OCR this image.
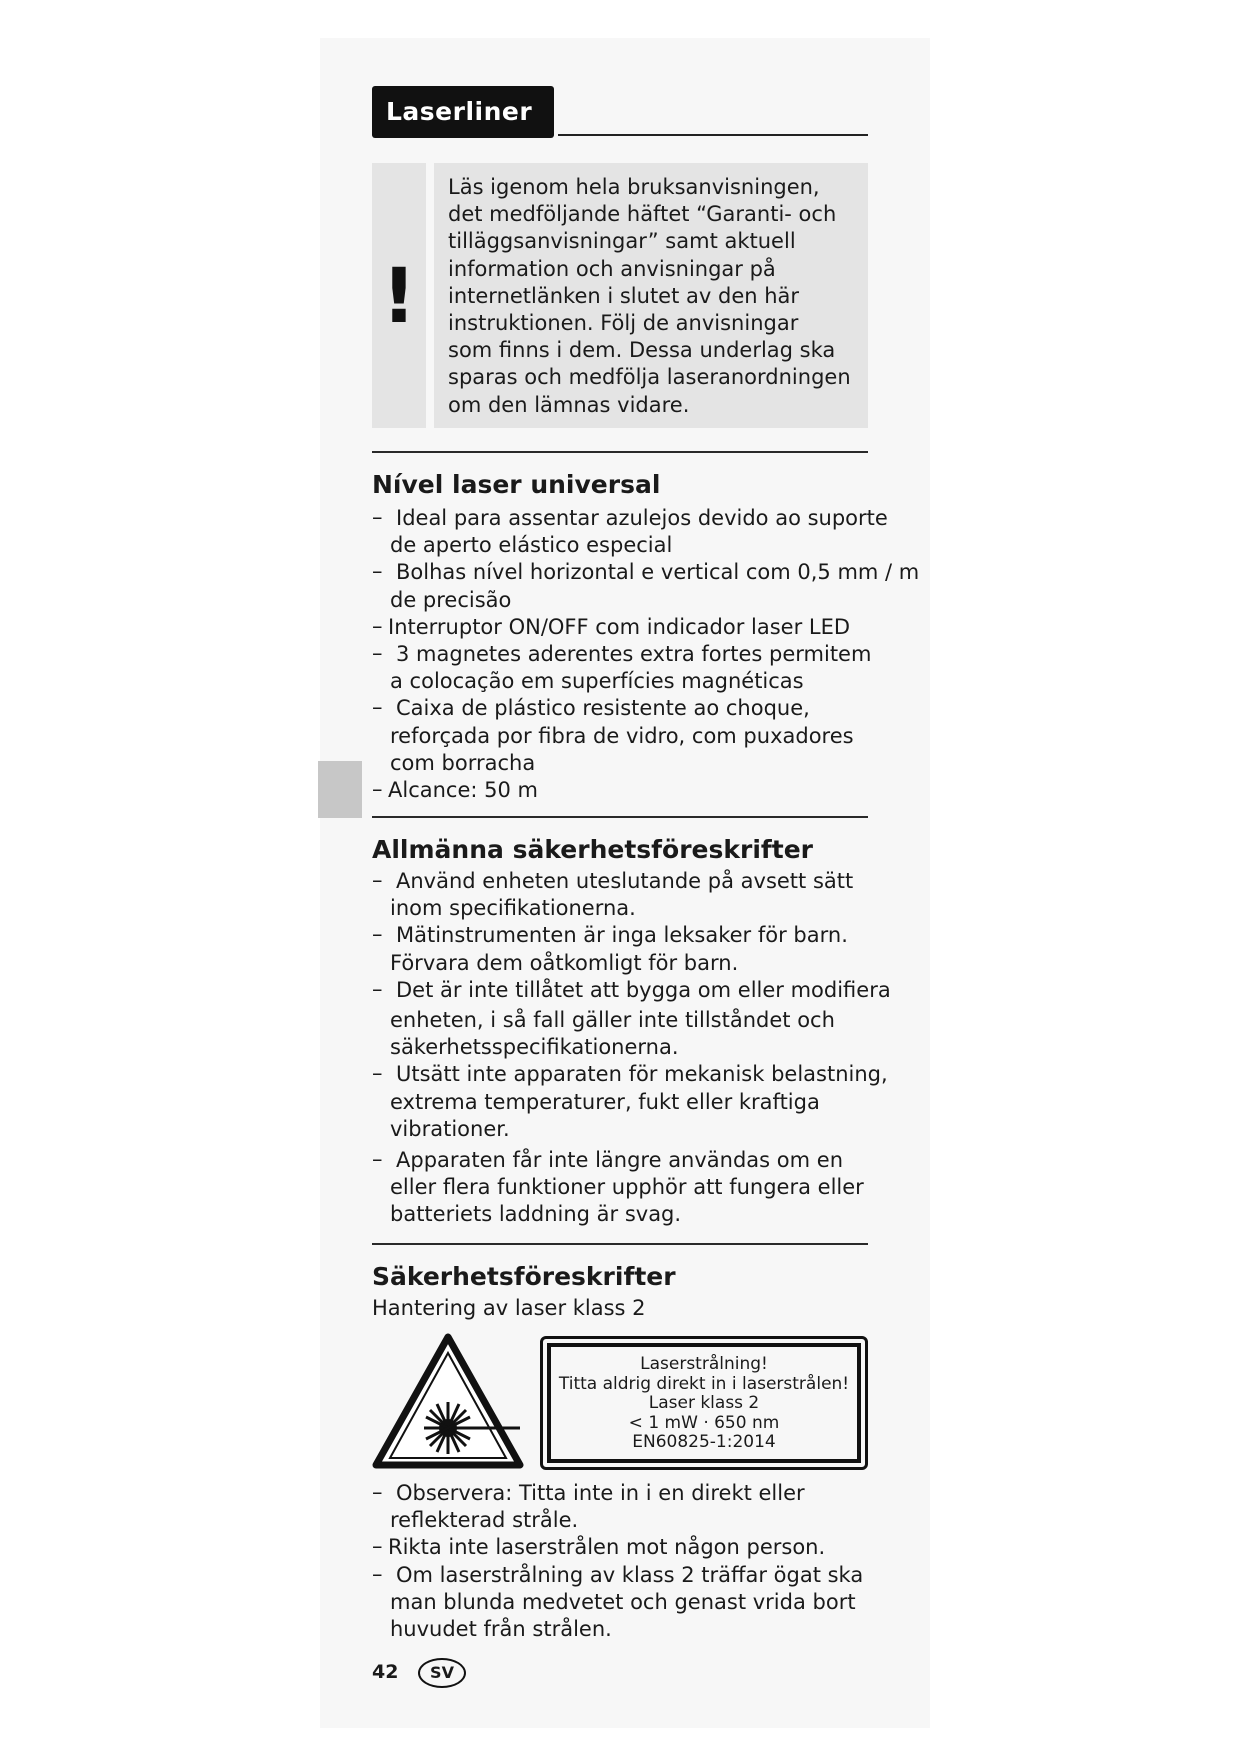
Laserliner
!
Läs igenom hela bruksanvisningen,
det medföljande häftet “Garanti- och
tilläggsanvisningar” samt aktuell
information och anvisningar på
internetlänken i slutet av den här
instruktionen. Följ de anvisningar
som finns i dem. Dessa underlag ska
sparas och medfölja laseranordningen
om den lämnas vidare.
Nível laser universal
– Ideal para assentar azulejos devido ao suporte
de aperto elástico especial
– Bolhas nível horizontal e vertical com 0,5 mm / m
de precisão
– Interruptor ON/OFF com indicador laser LED
– 3 magnetes aderentes extra fortes permitem
a colocação em superfícies magnéticas
– Caixa de plástico resistente ao choque,
reforçada por fibra de vidro, com puxadores
com borracha
– Alcance: 50 m
Allmänna säkerhetsföreskrifter
– Använd enheten uteslutande på avsett sätt
inom specifikationerna.
– Mätinstrumenten är inga leksaker för barn.
Förvara dem oåtkomligt för barn.
– Det är inte tillåtet att bygga om eller modifiera
enheten, i så fall gäller inte tillståndet och
säkerhetsspecifikationerna.
– Utsätt inte apparaten för mekanisk belastning,
extrema temperaturer, fukt eller kraftiga
vibrationer.
– Apparaten får inte längre användas om en
eller flera funktioner upphör att fungera eller
batteriets laddning är svag.
Säkerhetsföreskrifter
Hantering av laser klass 2
Laserstrålning!
Titta aldrig direkt in i laserstrålen!
Laser klass 2
< 1 mW · 650 nm
EN60825-1:2014
– Observera: Titta inte in i en direkt eller
reflekterad stråle.
– Rikta inte laserstrålen mot någon person.
– Om laserstrålning av klass 2 träffar ögat ska
man blunda medvetet och genast vrida bort
huvudet från strålen.
42	SV
